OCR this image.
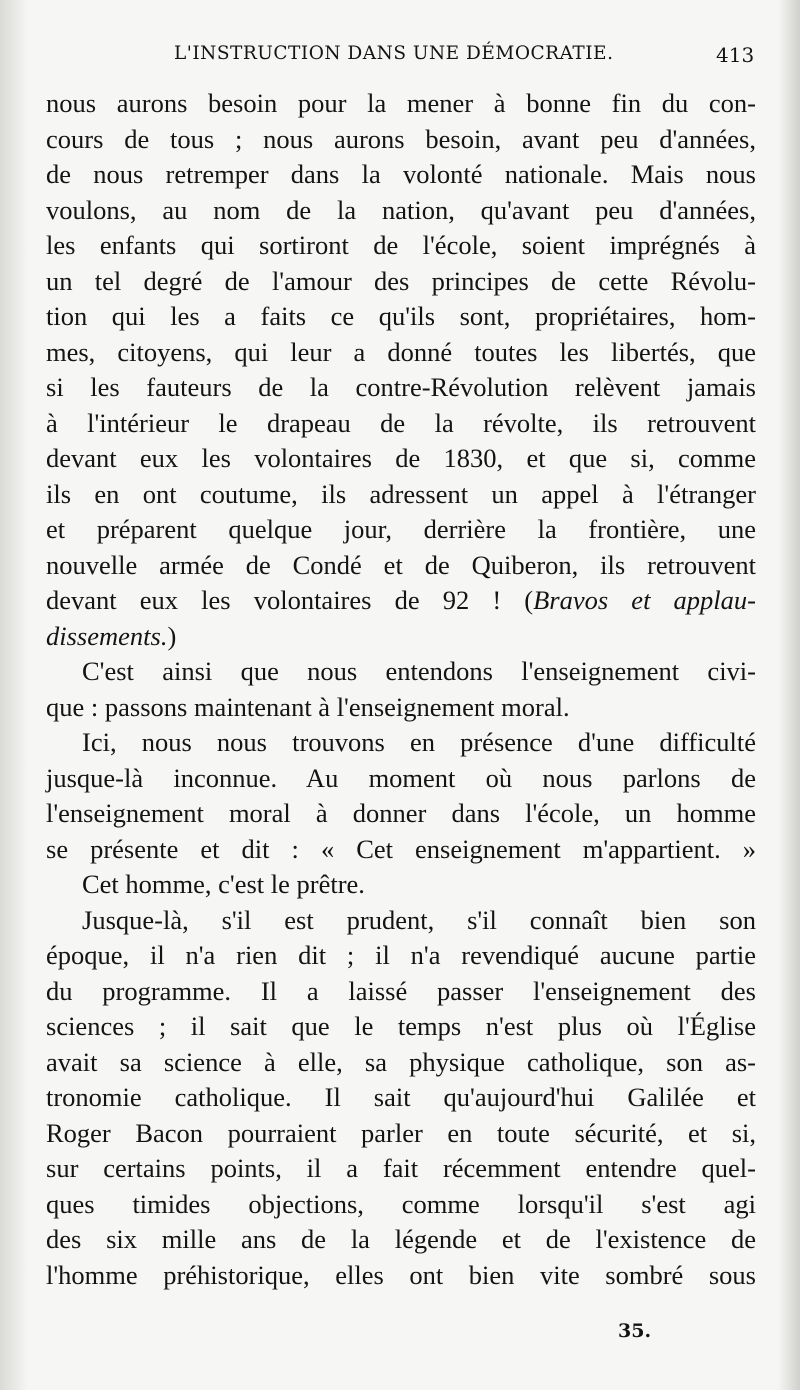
L'INSTRUCTION DANS UNE DÉMOCRATIE.	413
nous aurons besoin pour la mener à bonne fin du con-
cours de tous ; nous aurons besoin, avant peu d'années,
de nous retremper dans la volonté nationale. Mais nous
voulons, au nom de la nation, qu'avant peu d'années,
les enfants qui sortiront de l'école, soient imprégnés à
un tel degré de l'amour des principes de cette Révolu-
tion qui les a faits ce qu'ils sont, propriétaires, hom-
mes, citoyens, qui leur a donné toutes les libertés, que
si les fauteurs de la contre-Révolution relèvent jamais
à l'intérieur le drapeau de la révolte, ils retrouvent
devant eux les volontaires de 1830, et que si, comme
ils en ont coutume, ils adressent un appel à l'étranger
et préparent quelque jour, derrière la frontière, une
nouvelle armée de Condé et de Quiberon, ils retrouvent
devant eux les volontaires de 92 ! (Bravos et applau-
dissements.)
C'est ainsi que nous entendons l'enseignement civi-
que : passons maintenant à l'enseignement moral.
Ici, nous nous trouvons en présence d'une difficulté
jusque-là inconnue. Au moment où nous parlons de
l'enseignement moral à donner dans l'école, un homme
se présente et dit : « Cet enseignement m'appartient. »
Cet homme, c'est le prêtre.
Jusque-là, s'il est prudent, s'il connaît bien son
époque, il n'a rien dit ; il n'a revendiqué aucune partie
du programme. Il a laissé passer l'enseignement des
sciences ; il sait que le temps n'est plus où l'Église
avait sa science à elle, sa physique catholique, son as-
tronomie catholique. Il sait qu'aujourd'hui Galilée et
Roger Bacon pourraient parler en toute sécurité, et si,
sur certains points, il a fait récemment entendre quel-
ques timides objections, comme lorsqu'il s'est agi
des six mille ans de la légende et de l'existence de
l'homme préhistorique, elles ont bien vite sombré sous
35.
